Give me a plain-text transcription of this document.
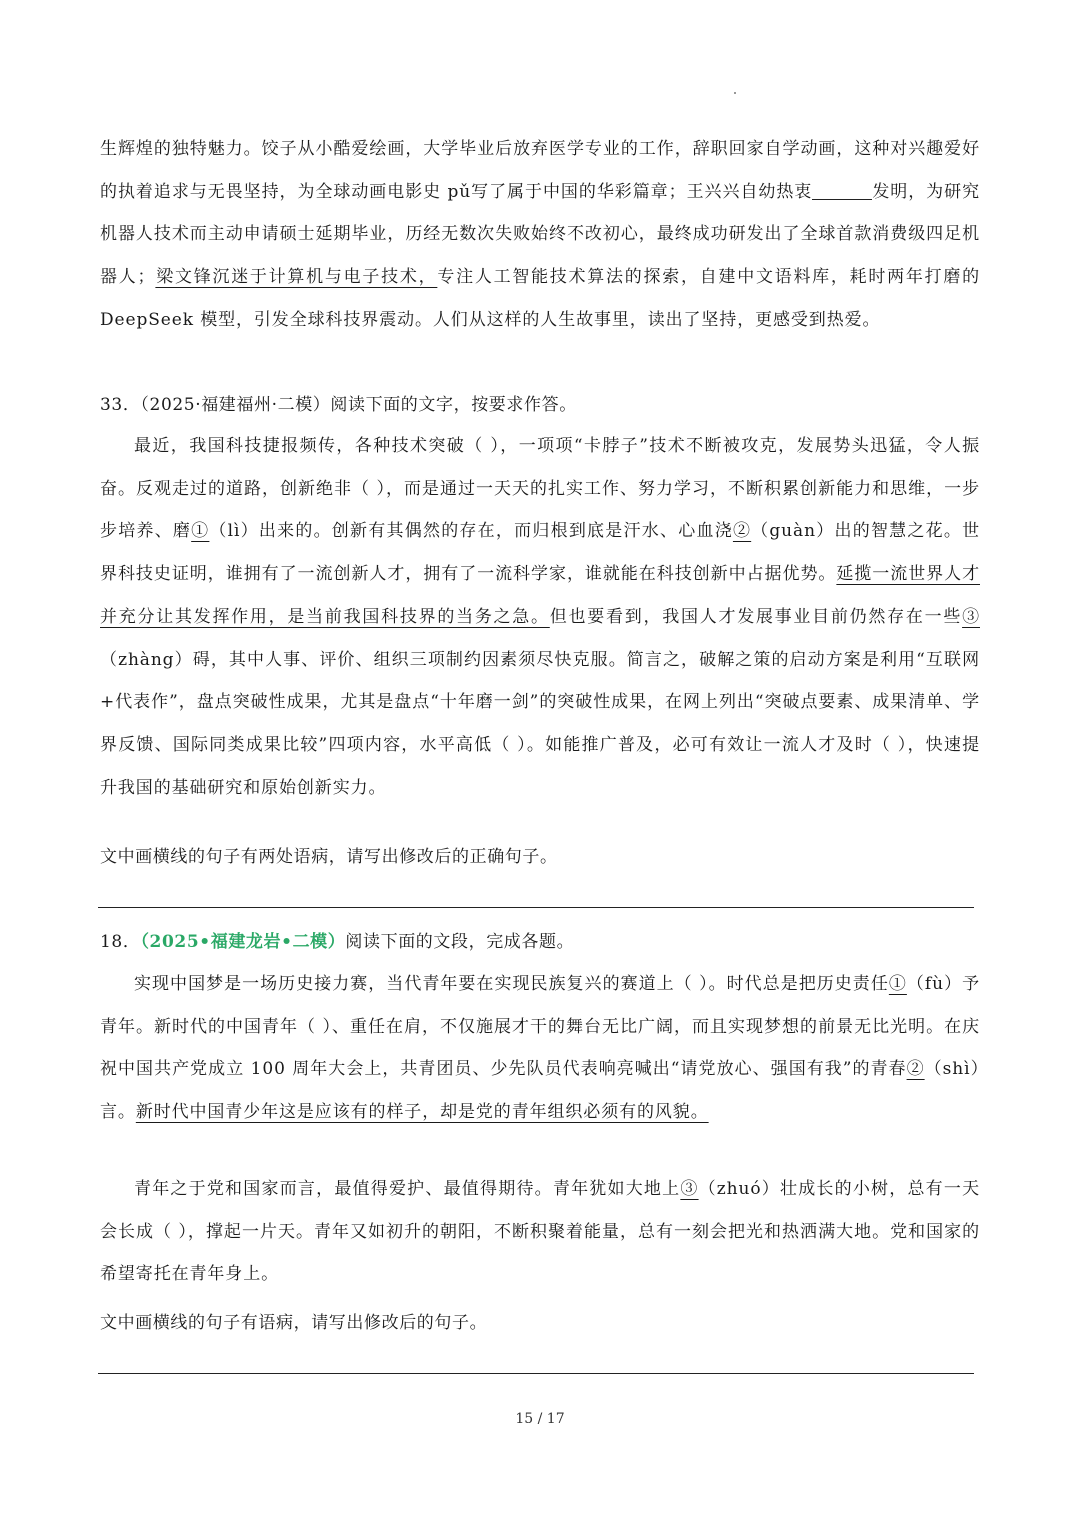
生辉煌的独特魅力。饺子从小酷爱绘画，大学毕业后放弃医学专业的工作，辞职回家自学动画，这种对兴趣爱好的执着追求与无畏坚持，为全球动画电影史 pǔ写了属于中国的华彩篇章；王兴兴自幼热衷	发明，为研究机器人技术而主动申请硕士延期毕业，历经无数次失败始终不改初心，最终成功研发出了全球首款消费级四足机器人；梁文锋沉迷于计算机与电子技术，专注人工智能技术算法的探索，自建中文语料库，耗时两年打磨的 DeepSeek 模型，引发全球科技界震动。人们从这样的人生故事里，读出了坚持，更感受到热爱。

33．（2025·福建福州·二模）阅读下面的文字，按要求作答。

最近，我国科技捷报频传，各种技术突破（ ），一项项“卡脖子”技术不断被攻克，发展势头迅猛，令人振奋。反观走过的道路，创新绝非（ ），而是通过一天天的扎实工作、努力学习，不断积累创新能力和思维，一步步培养、磨①（lì）出来的。创新有其偶然的存在，而归根到底是汗水、心血浇②（guàn）出的智慧之花。世界科技史证明，谁拥有了一流创新人才，拥有了一流科学家，谁就能在科技创新中占据优势。延揽一流世界人才并充分让其发挥作用，是当前我国科技界的当务之急。但也要看到，我国人才发展事业目前仍然存在一些③（zhàng）碍，其中人事、评价、组织三项制约因素须尽快克服。简言之，破解之策的启动方案是利用“互联网+代表作”，盘点突破性成果，尤其是盘点“十年磨一剑”的突破性成果，在网上列出“突破点要素、成果清单、学界反馈、国际同类成果比较”四项内容，水平高低（ ）。如能推广普及，必可有效让一流人才及时（ ），快速提升我国的基础研究和原始创新实力。

文中画横线的句子有两处语病，请写出修改后的正确句子。

18．（2025•福建龙岩•二模）阅读下面的文段，完成各题。

实现中国梦是一场历史接力赛，当代青年要在实现民族复兴的赛道上（ ）。时代总是把历史责任①（fù）予青年。新时代的中国青年（ ）、重任在肩，不仅施展才干的舞台无比广阔，而且实现梦想的前景无比光明。在庆祝中国共产党成立 100 周年大会上，共青团员、少先队员代表响亮喊出“请党放心、强国有我”的青春②（shì）言。新时代中国青少年这是应该有的样子，却是党的青年组织必须有的风貌。

青年之于党和国家而言，最值得爱护、最值得期待。青年犹如大地上③（zhuó）壮成长的小树，总有一天会长成（ ），撑起一片天。青年又如初升的朝阳，不断积聚着能量，总有一刻会把光和热洒满大地。党和国家的希望寄托在青年身上。

文中画横线的句子有语病，请写出修改后的句子。

15 / 17
